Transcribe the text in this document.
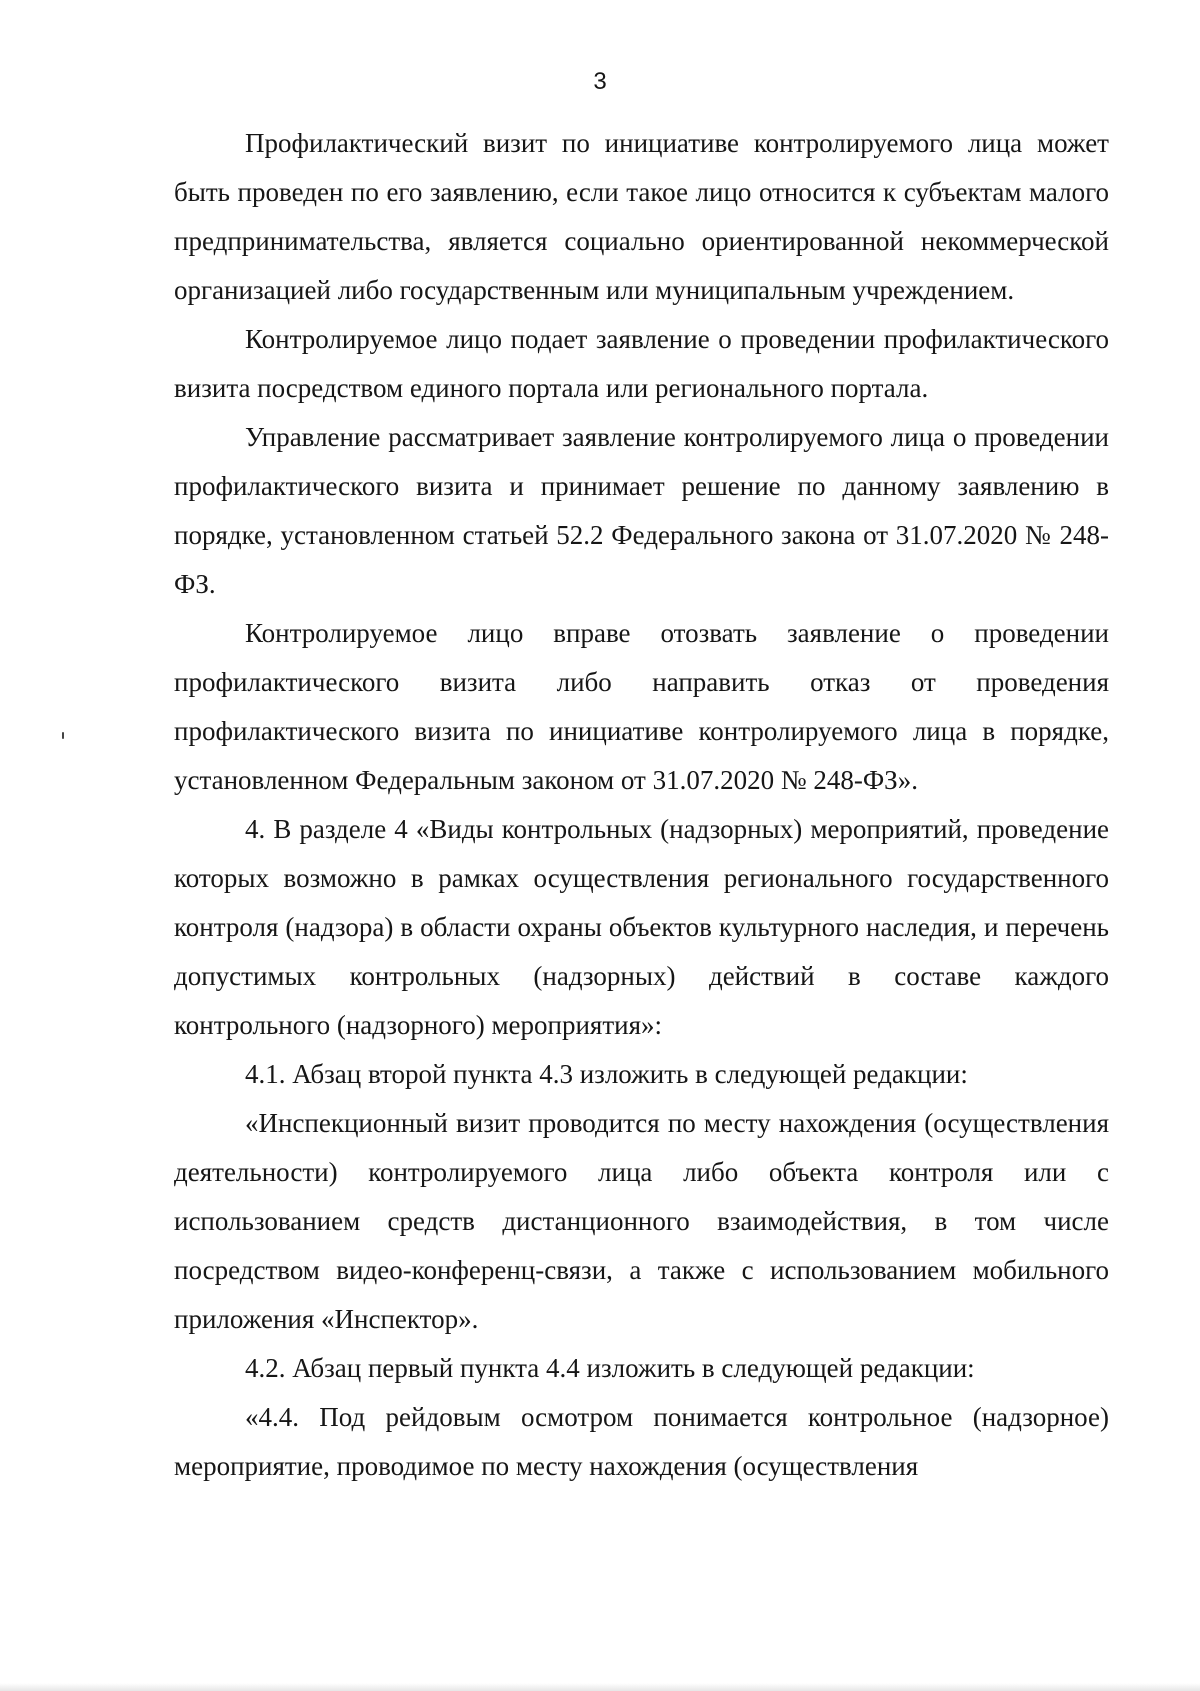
3

Профилактический визит по инициативе контролируемого лица может быть проведен по его заявлению, если такое лицо относится к субъектам малого предпринимательства, является социально ориентированной некоммерческой организацией либо государственным или муниципальным учреждением.

Контролируемое лицо подает заявление о проведении профилактического визита посредством единого портала или регионального портала.

Управление рассматривает заявление контролируемого лица о проведении профилактического визита и принимает решение по данному заявлению в порядке, установленном статьей 52.2 Федерального закона от 31.07.2020 № 248-ФЗ.

Контролируемое лицо вправе отозвать заявление о проведении профилактического визита либо направить отказ от проведения профилактического визита по инициативе контролируемого лица в порядке, установленном Федеральным законом от 31.07.2020 № 248-ФЗ».

4. В разделе 4 «Виды контрольных (надзорных) мероприятий, проведение которых возможно в рамках осуществления регионального государственного контроля (надзора) в области охраны объектов культурного наследия, и перечень допустимых контрольных (надзорных) действий в составе каждого контрольного (надзорного) мероприятия»:

4.1. Абзац второй пункта 4.3 изложить в следующей редакции:

«Инспекционный визит проводится по месту нахождения (осуществления деятельности) контролируемого лица либо объекта контроля или с использованием средств дистанционного взаимодействия, в том числе посредством видео-конференц-связи, а также с использованием мобильного приложения «Инспектор».

4.2. Абзац первый пункта 4.4 изложить в следующей редакции:

«4.4. Под рейдовым осмотром понимается контрольное (надзорное) мероприятие, проводимое по месту нахождения (осуществления
